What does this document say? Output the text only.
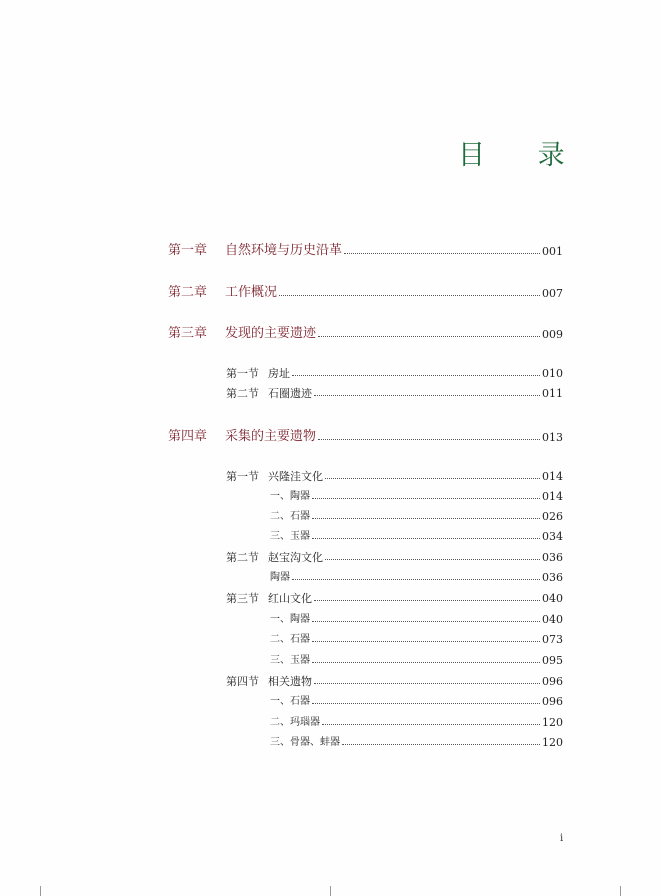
目 录
第一章	自然环境与历史沿革	001
第二章	工作概况	007
第三章	发现的主要遗迹	009
第一节 房址	010
第二节 石圈遗迹	011
第四章	采集的主要遗物	013
第一节 兴隆洼文化	014
一、陶器	014
二、石器	026
三、玉器	034
第二节 赵宝沟文化	036
陶器	036
第三节 红山文化	040
一、陶器	040
二、石器	073
三、玉器	095
第四节 相关遗物	096
一、石器	096
二、玛瑙器	120
三、骨器、蚌器	120
i
